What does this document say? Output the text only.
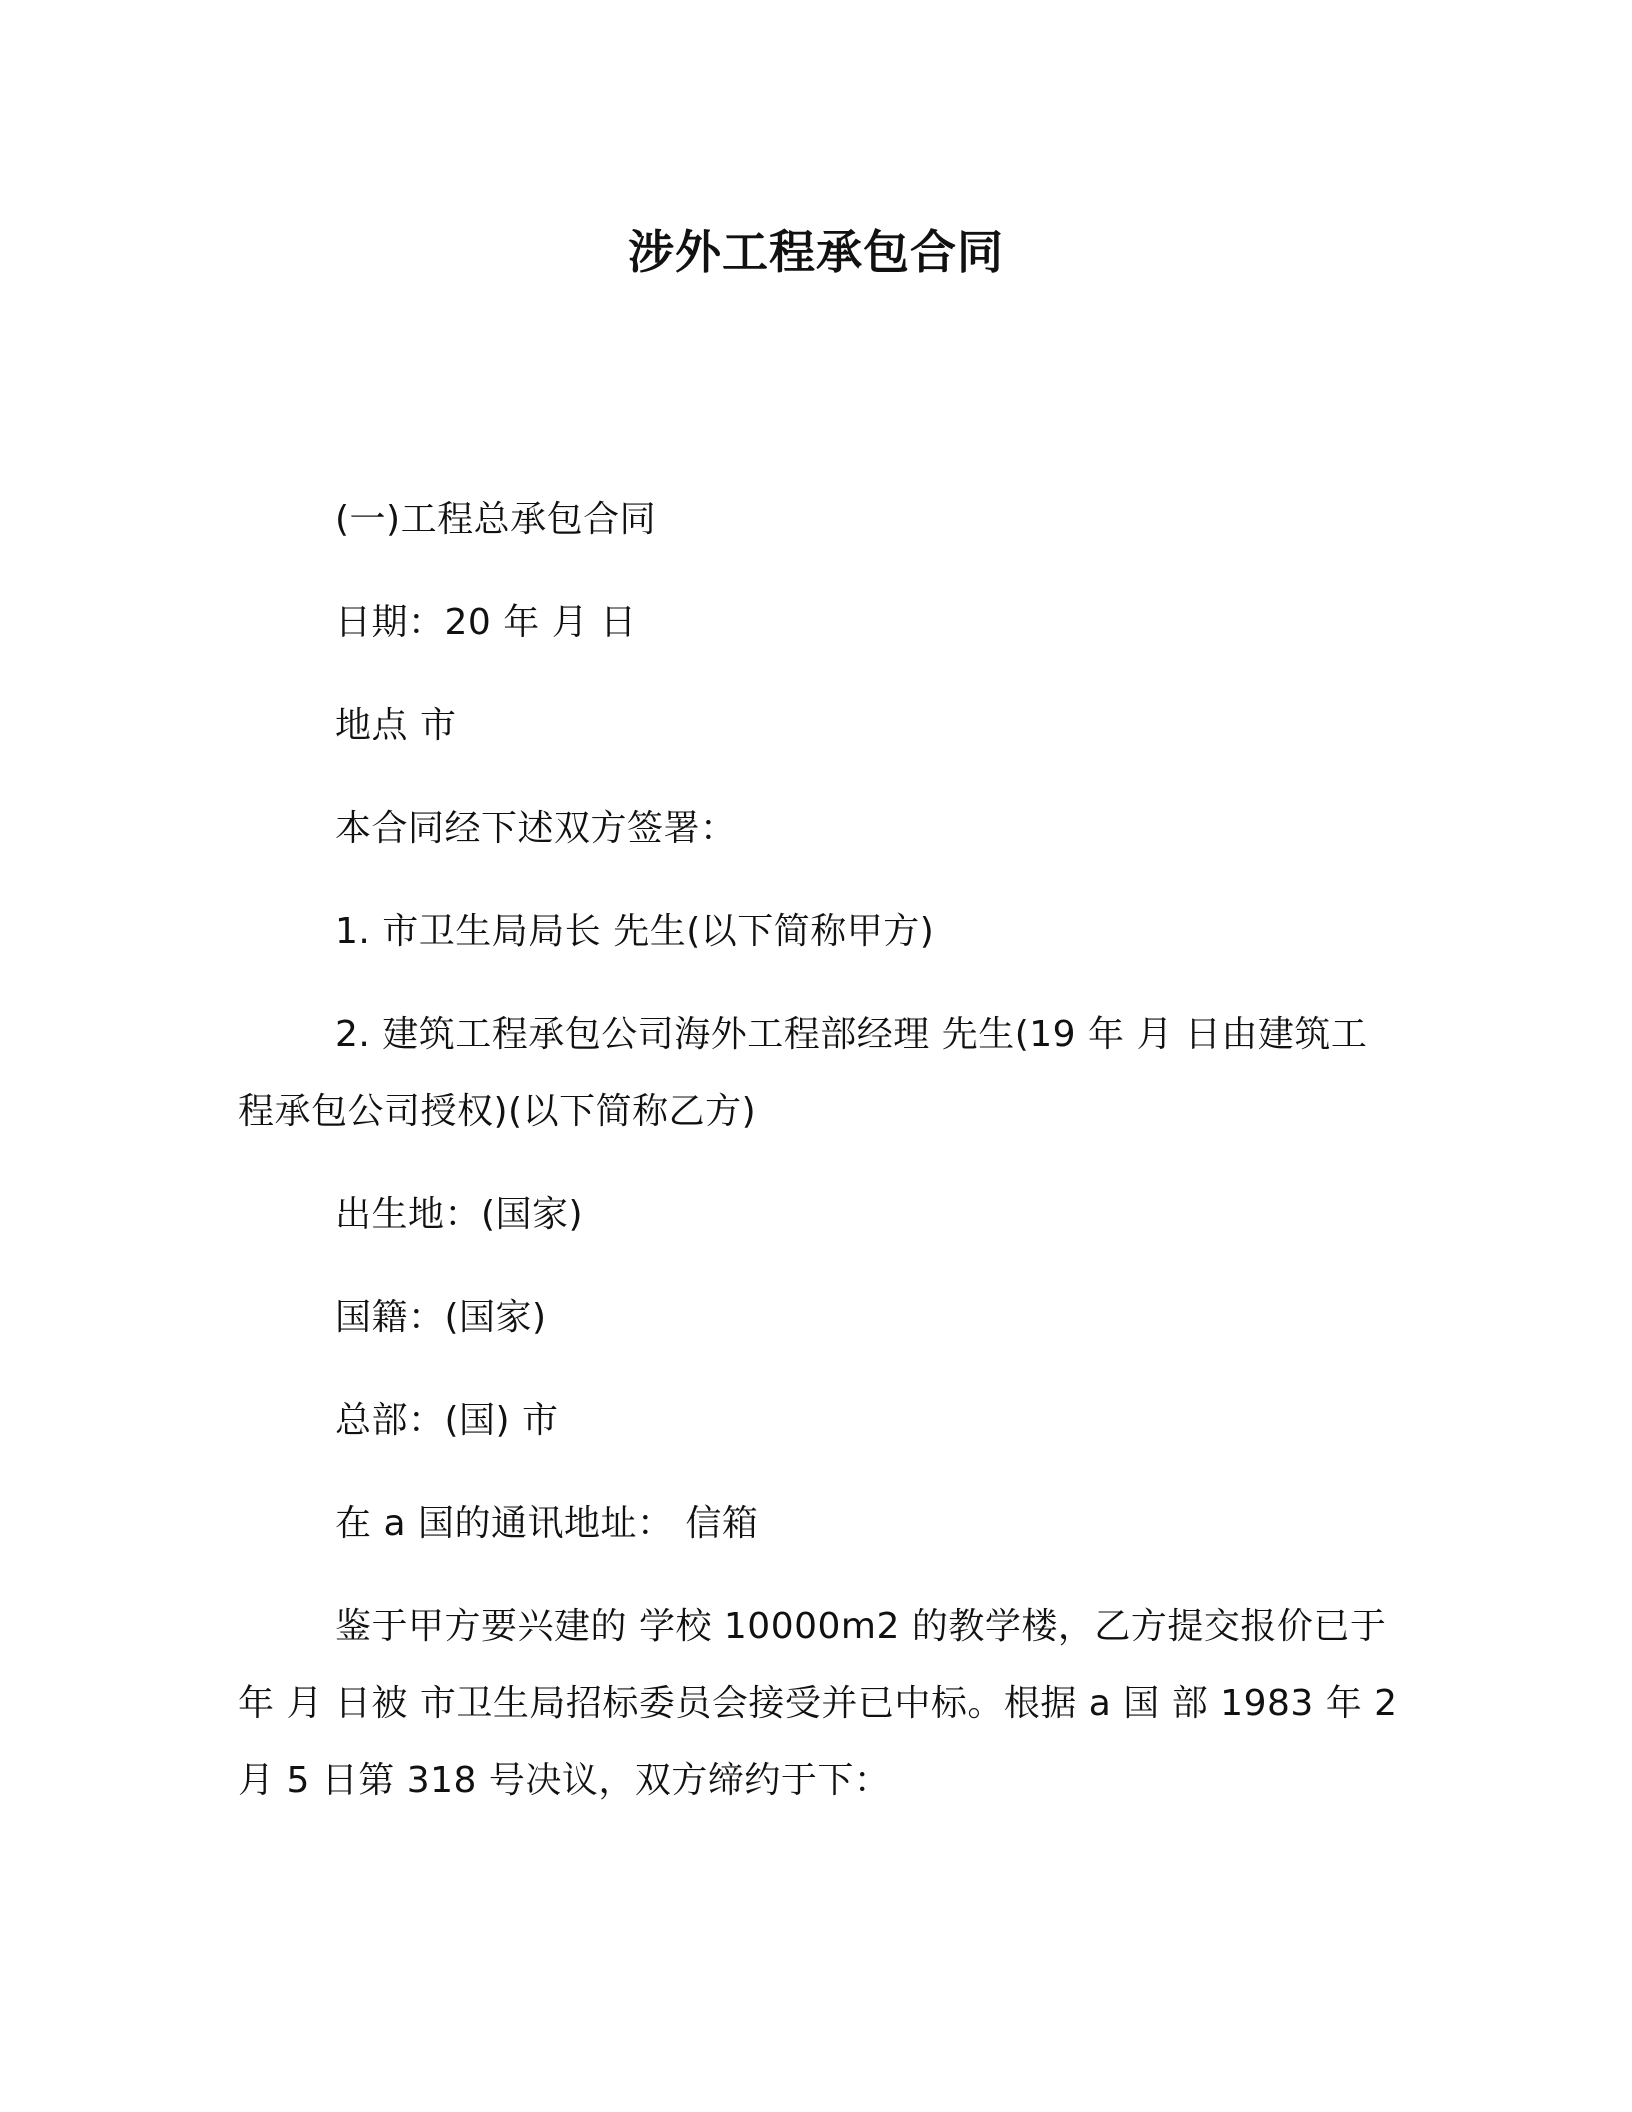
涉外工程承包合同
(一)工程总承包合同
日期：20 年 月 日
地点 市
本合同经下述双方签署：
1. 市卫生局局长 先生(以下简称甲方)
2. 建筑工程承包公司海外工程部经理 先生(19 年 月 日由建筑工
程承包公司授权)(以下简称乙方)
出生地：(国家)
国籍：(国家)
总部：(国) 市
在 a 国的通讯地址： 信箱
鉴于甲方要兴建的 学校 10000m2 的教学楼，乙方提交报价已于
年 月 日被 市卫生局招标委员会接受并已中标。根据 a 国 部 1983 年 2
月 5 日第 318 号决议，双方缔约于下：
